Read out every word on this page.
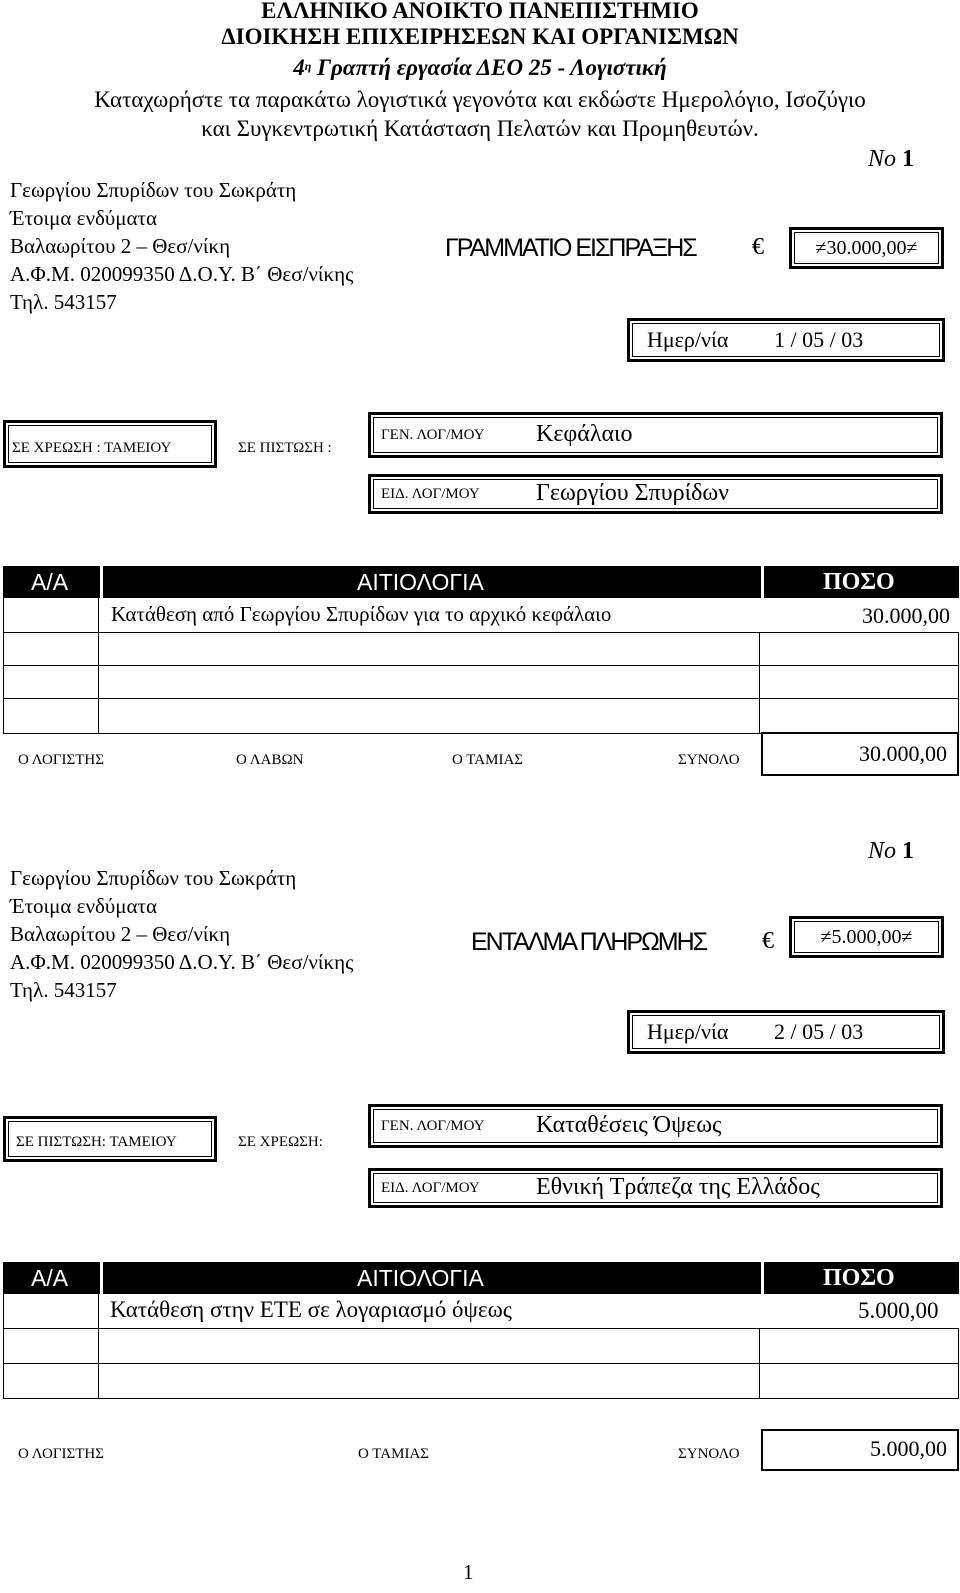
ΕΛΛΗΝΙΚΟ ΑΝΟΙΚΤΟ ΠΑΝΕΠΙΣΤΗΜΙΟ
ΔΙΟΙΚΗΣΗ ΕΠΙΧΕΙΡΗΣΕΩΝ ΚΑΙ ΟΡΓΑΝΙΣΜΩΝ
$4^\eta$ Γραπτή εργασία ΔΕΟ 25 - Λογιστική
Καταχωρήστε τα παρακάτω λογιστικά γεγονότα και εκδώστε Ημερολόγιο, Ισοζύγιο
και Συγκεντρωτική Κατάσταση Πελατών και Προμηθευτών.
Νο 1
Γεωργίου Σπυρίδων του Σωκράτη
Έτοιμα ενδύματα
Βαλαωρίτου 2 – Θεσ/νίκη
Α.Φ.Μ. 020099350 Δ.Ο.Υ. Β΄ Θεσ/νίκης
Τηλ. 543157
ΓΡΑΜΜΑΤΙΟ ΕΙΣΠΡΑΞΗΣ €	≠30.000,00≠
Ημερ/νία 1 / 05 / 03
ΣΕ ΧΡΕΩΣΗ : ΤΑΜΕΙΟΥ	ΣΕ ΠΙΣΤΩΣΗ :
ΓΕΝ. ΛΟΓ/ΜΟΥ Κεφάλαιο
ΕΙΔ. ΛΟΓ/ΜΟΥ Γεωργίου Σπυρίδων
Α/Α	ΑΙΤΙΟΛΟΓΙΑ	ΠΟΣΟ
Κατάθεση από Γεωργίου Σπυρίδων για το αρχικό κεφάλαιο	30.000,00
Ο ΛΟΓΙΣΤΗΣ	Ο ΛΑΒΩΝ	Ο ΤΑΜΙΑΣ	ΣΥΝΟΛΟ	30.000,00
Νο 1
Γεωργίου Σπυρίδων του Σωκράτη
Έτοιμα ενδύματα
Βαλαωρίτου 2 – Θεσ/νίκη
Α.Φ.Μ. 020099350 Δ.Ο.Υ. Β΄ Θεσ/νίκης
Τηλ. 543157
ΕΝΤΑΛΜΑ ΠΛΗΡΩΜΗΣ €	≠5.000,00≠
Ημερ/νία 2 / 05 / 03
ΣΕ ΠΙΣΤΩΣΗ: ΤΑΜΕΙΟΥ	ΣΕ ΧΡΕΩΣΗ:
ΓΕΝ. ΛΟΓ/ΜΟΥ Καταθέσεις Όψεως
ΕΙΔ. ΛΟΓ/ΜΟΥ Εθνική Τράπεζα της Ελλάδος
Α/Α	ΑΙΤΙΟΛΟΓΙΑ	ΠΟΣΟ
Κατάθεση στην ΕΤΕ σε λογαριασμό όψεως	5.000,00
Ο ΛΟΓΙΣΤΗΣ	Ο ΤΑΜΙΑΣ	ΣΥΝΟΛΟ	5.000,00
1
